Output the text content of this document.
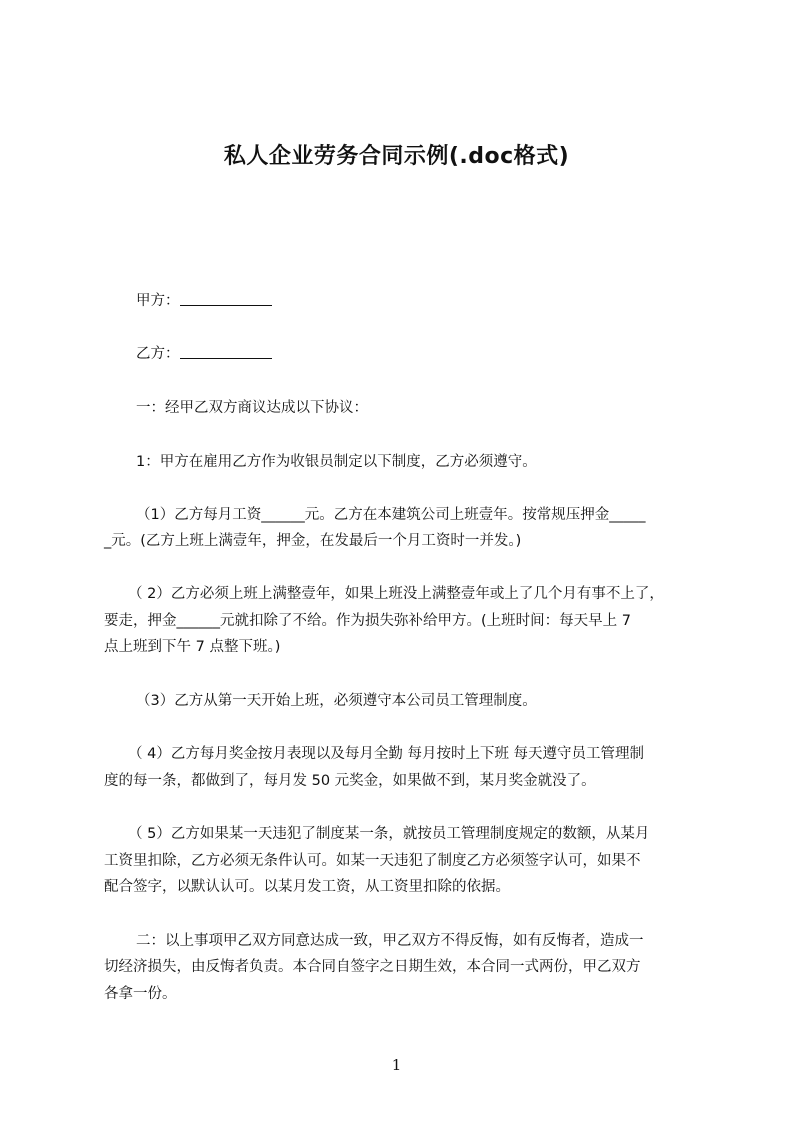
私人企业劳务合同示例(.doc格式)
甲方：
乙方：
一：经甲乙双方商议达成以下协议：
1：甲方在雇用乙方作为收银员制定以下制度，乙方必须遵守。
（1）乙方每月工资______元。乙方在本建筑公司上班壹年。按常规压押金_____
_元。(乙方上班上满壹年，押金，在发最后一个月工资时一并发。)
（ 2）乙方必须上班上满整壹年，如果上班没上满整壹年或上了几个月有事不上了，
要走，押金______元就扣除了不给。作为损失弥补给甲方。(上班时间：每天早上 7
点上班到下午 7 点整下班。)
（3）乙方从第一天开始上班，必须遵守本公司员工管理制度。
（ 4）乙方每月奖金按月表现以及每月全勤 每月按时上下班 每天遵守员工管理制
度的每一条，都做到了，每月发 50 元奖金，如果做不到，某月奖金就没了。
（ 5）乙方如果某一天违犯了制度某一条，就按员工管理制度规定的数额，从某月
工资里扣除，乙方必须无条件认可。如某一天违犯了制度乙方必须签字认可，如果不
配合签字，以默认认可。以某月发工资，从工资里扣除的依据。
二：以上事项甲乙双方同意达成一致，甲乙双方不得反悔，如有反悔者，造成一
切经济损失，由反悔者负责。本合同自签字之日期生效，本合同一式两份，甲乙双方
各拿一份。
1
